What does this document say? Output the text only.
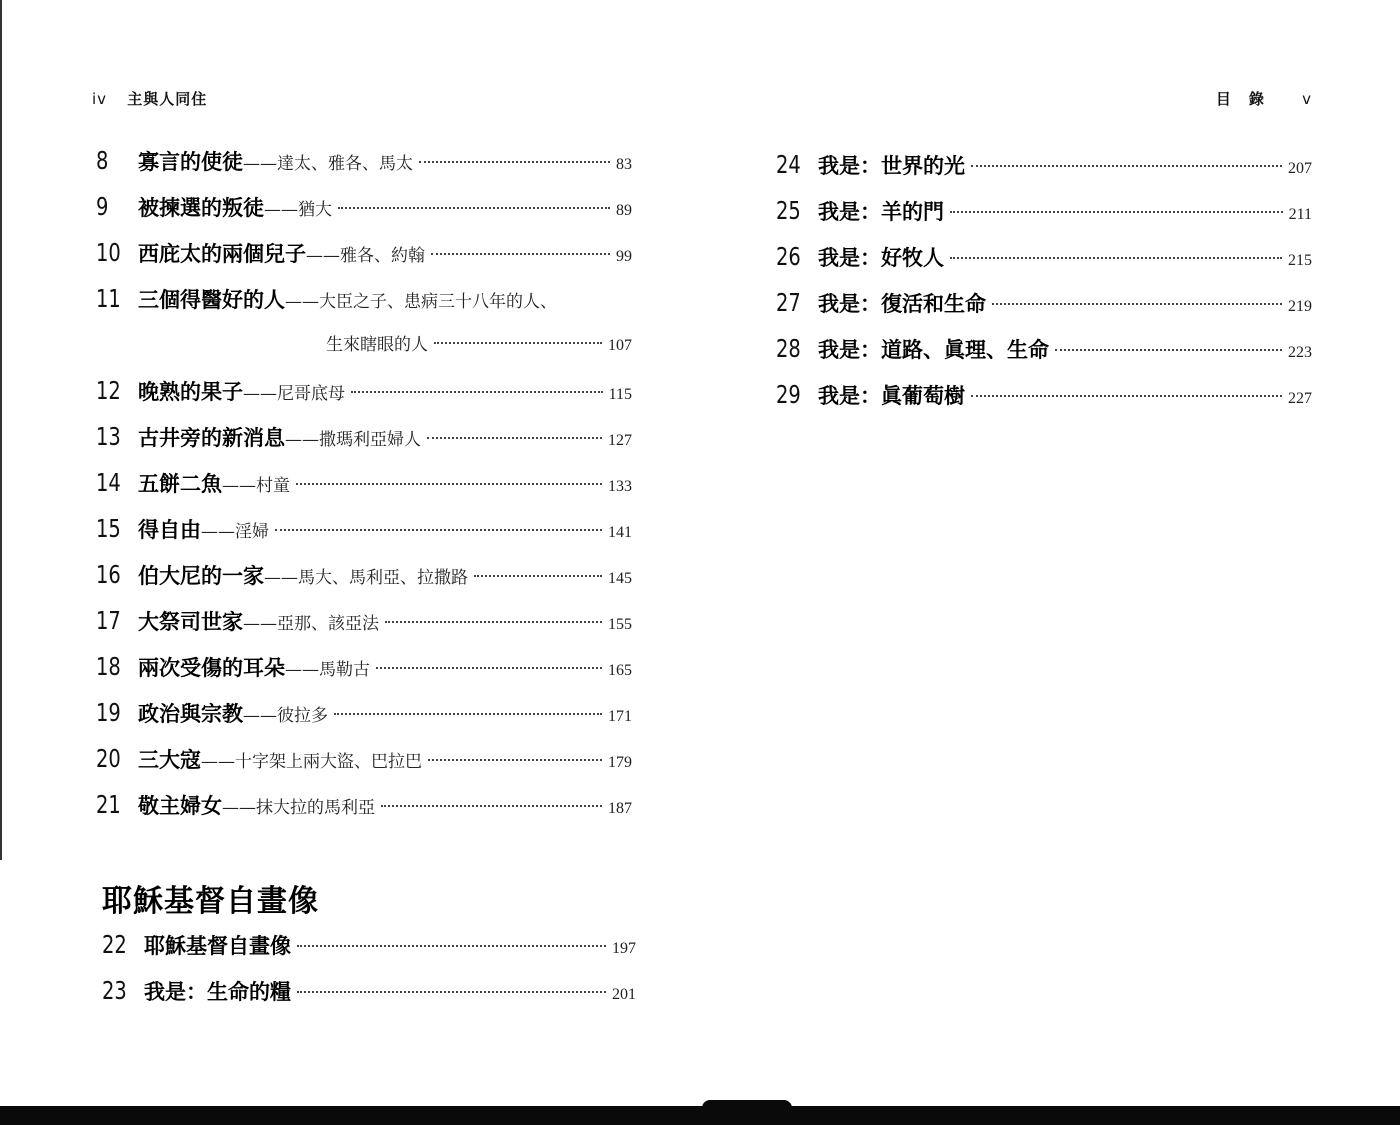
iv 主與人同住
8	寡言的使徒 ——達太、雅各、馬太	83
9	被揀選的叛徒 ——猶大	89
10 西庇太的兩個兒子 ——雅各、約翰	99
11 三個得醫好的人 ——大臣之子、患病三十八年的人、
生來瞎眼的人	107
12 晚熟的果子 ——尼哥底母	115
13 古井旁的新消息 ——撒瑪利亞婦人	127
14 五餅二魚 ——村童	133
15 得自由 ——淫婦	141
16 伯大尼的一家 ——馬大、馬利亞、拉撒路	145
17 大祭司世家 ——亞那、該亞法	155
18 兩次受傷的耳朵 ——馬勒古	165
19 政治與宗教 ——彼拉多	171
20 三大寇 ——十字架上兩大盜、巴拉巴	179
21 敬主婦女 ——抹大拉的馬利亞	187
耶穌基督自畫像
22 耶穌基督自畫像	197
23 我是：生命的糧	201
目錄 v
24 我是：世界的光	207
25 我是：羊的門	211
26 我是：好牧人	215
27 我是：復活和生命	219
28 我是：道路、眞理、生命	223
29 我是：眞葡萄樹	227
